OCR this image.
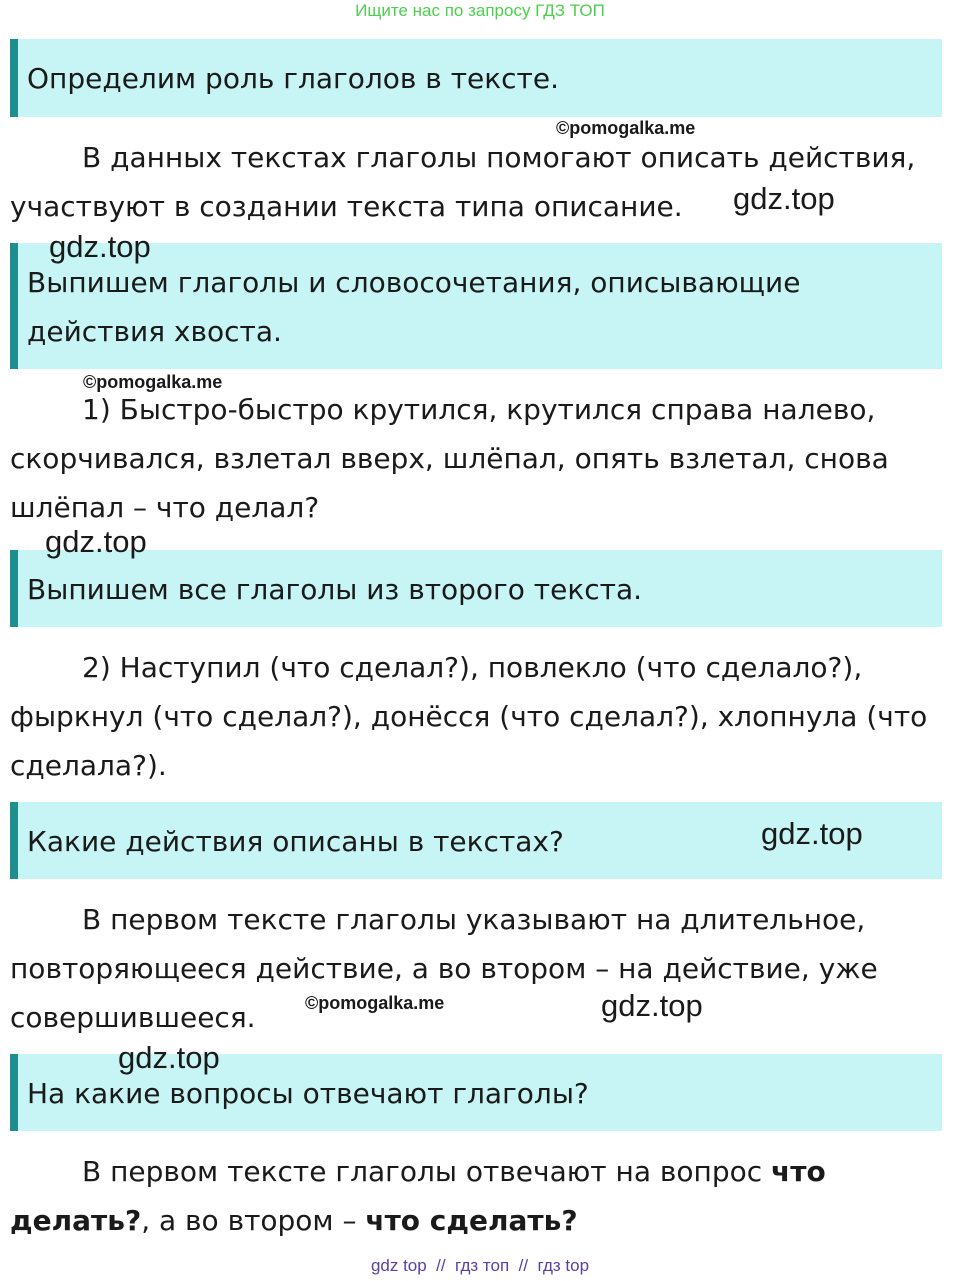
Ищите нас по запросу ГДЗ ТОП
Определим роль глаголов в тексте.
В данных текстах глаголы помогают описать действия, участвуют в создании текста типа описание.
Выпишем глаголы и словосочетания, описывающие действия хвоста.
1) Быстро-быстро крутился, крутился справа налево, скорчивался, взлетал вверх, шлёпал, опять взлетал, снова шлёпал – что делал?
Выпишем все глаголы из второго текста.
2) Наступил (что сделал?), повлекло (что сделало?), фыркнул (что сделал?), донёсся (что сделал?), хлопнула (что сделала?).
Какие действия описаны в текстах?
В первом тексте глаголы указывают на длительное, повторяющееся действие, а во втором – на действие, уже совершившееся.
На какие вопросы отвечают глаголы?
В первом тексте глаголы отвечают на вопрос что делать?, а во втором – что сделать?
©pomogalka.me
gdz.top
gdz.top
©pomogalka.me
gdz.top
gdz.top
©pomogalka.me	gdz.top
gdz.top
gdz top  //  гдз топ  //  гдз top
